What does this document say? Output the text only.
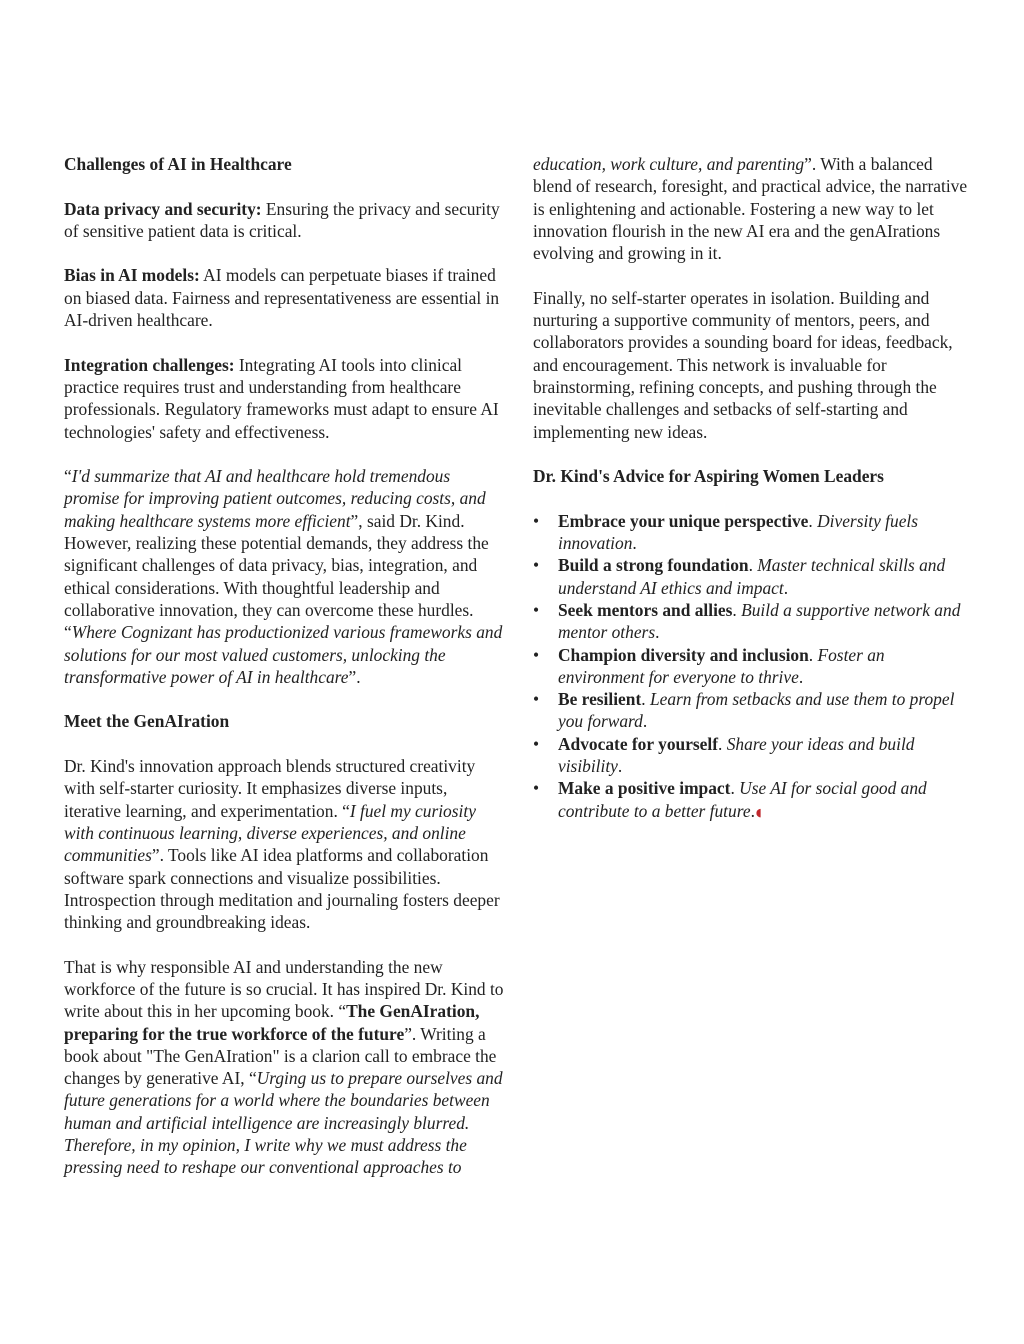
Challenges of AI in Healthcare

Data privacy and security: Ensuring the privacy and security of sensitive patient data is critical.

Bias in AI models: AI models can perpetuate biases if trained on biased data. Fairness and representativeness are essential in AI-driven healthcare.

Integration challenges: Integrating AI tools into clinical practice requires trust and understanding from healthcare professionals. Regulatory frameworks must adapt to ensure AI technologies' safety and effectiveness.

“I'd summarize that AI and healthcare hold tremendous promise for improving patient outcomes, reducing costs, and making healthcare systems more efficient”, said Dr. Kind. However, realizing these potential demands, they address the significant challenges of data privacy, bias, integration, and ethical considerations. With thoughtful leadership and collaborative innovation, they can overcome these hurdles. “Where Cognizant has productionized various frameworks and solutions for our most valued customers, unlocking the transformative power of AI in healthcare”.

Meet the GenAIration

Dr. Kind's innovation approach blends structured creativity with self-starter curiosity. It emphasizes diverse inputs, iterative learning, and experimentation. “I fuel my curiosity with continuous learning, diverse experiences, and online communities”. Tools like AI idea platforms and collaboration software spark connections and visualize possibilities. Introspection through meditation and journaling fosters deeper thinking and groundbreaking ideas.

That is why responsible AI and understanding the new workforce of the future is so crucial. It has inspired Dr. Kind to write about this in her upcoming book. “The GenAIration, preparing for the true workforce of the future”. Writing a book about "The GenAIration" is a clarion call to embrace the changes by generative AI, “Urging us to prepare ourselves and future generations for a world where the boundaries between human and artificial intelligence are increasingly blurred. Therefore, in my opinion, I write why we must address the pressing need to reshape our conventional approaches to

education, work culture, and parenting”. With a balanced blend of research, foresight, and practical advice, the narrative is enlightening and actionable. Fostering a new way to let innovation flourish in the new AI era and the genAIrations evolving and growing in it.

Finally, no self-starter operates in isolation. Building and nurturing a supportive community of mentors, peers, and collaborators provides a sounding board for ideas, feedback, and encouragement. This network is invaluable for brainstorming, refining concepts, and pushing through the inevitable challenges and setbacks of self-starting and implementing new ideas.

Dr. Kind's Advice for Aspiring Women Leaders

• Embrace your unique perspective. Diversity fuels innovation.
• Build a strong foundation. Master technical skills and understand AI ethics and impact.
• Seek mentors and allies. Build a supportive network and mentor others.
• Champion diversity and inclusion. Foster an environment for everyone to thrive.
• Be resilient. Learn from setbacks and use them to propel you forward.
• Advocate for yourself. Share your ideas and build visibility.
• Make a positive impact. Use AI for social good and contribute to a better future.◖
